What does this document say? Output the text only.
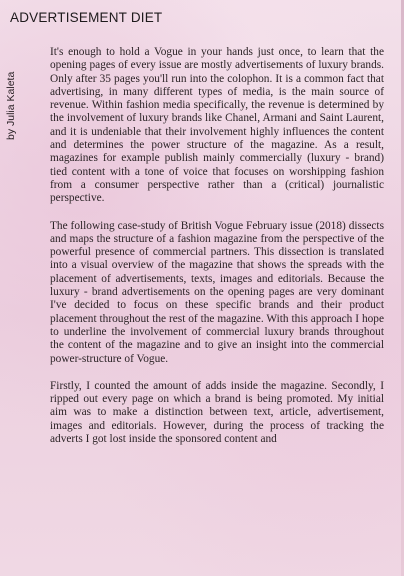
ADVERTISEMENT DIET
by Julia Kaleta

It's enough to hold a Vogue in your hands just once, to learn that the opening pages of every issue are mostly advertisements of luxury brands. Only after 35 pages you'll run into the colophon. It is a common fact that advertising, in many different types of media, is the main source of revenue. Within fashion media specifically, the revenue is determined by the involvement of luxury brands like Chanel, Armani and Saint Laurent, and it is undeniable that their involvement highly influences the content and determines the power structure of the magazine. As a result, magazines for example publish mainly commercially (luxury - brand) tied content with a tone of voice that focuses on worshipping fashion from a consumer perspective rather than a (critical) journalistic perspective.

The following case-study of British Vogue February issue (2018) dissects and maps the structure of a fashion magazine from the perspective of the powerful presence of commercial partners. This dissection is translated into a visual overview of the magazine that shows the spreads with the placement of advertisements, texts, images and editorials. Because the luxury - brand advertisements on the opening pages are very dominant I've decided to focus on these specific brands and their product placement throughout the rest of the magazine. With this approach I hope to underline the involvement of commercial luxury brands throughout the content of the magazine and to give an insight into the commercial power-structure of Vogue.

Firstly, I counted the amount of adds inside the magazine. Secondly, I ripped out every page on which a brand is being promoted. My initial aim was to make a distinction between text, article, advertisement, images and editorials. However, during the process of tracking the adverts I got lost inside the sponsored content and
